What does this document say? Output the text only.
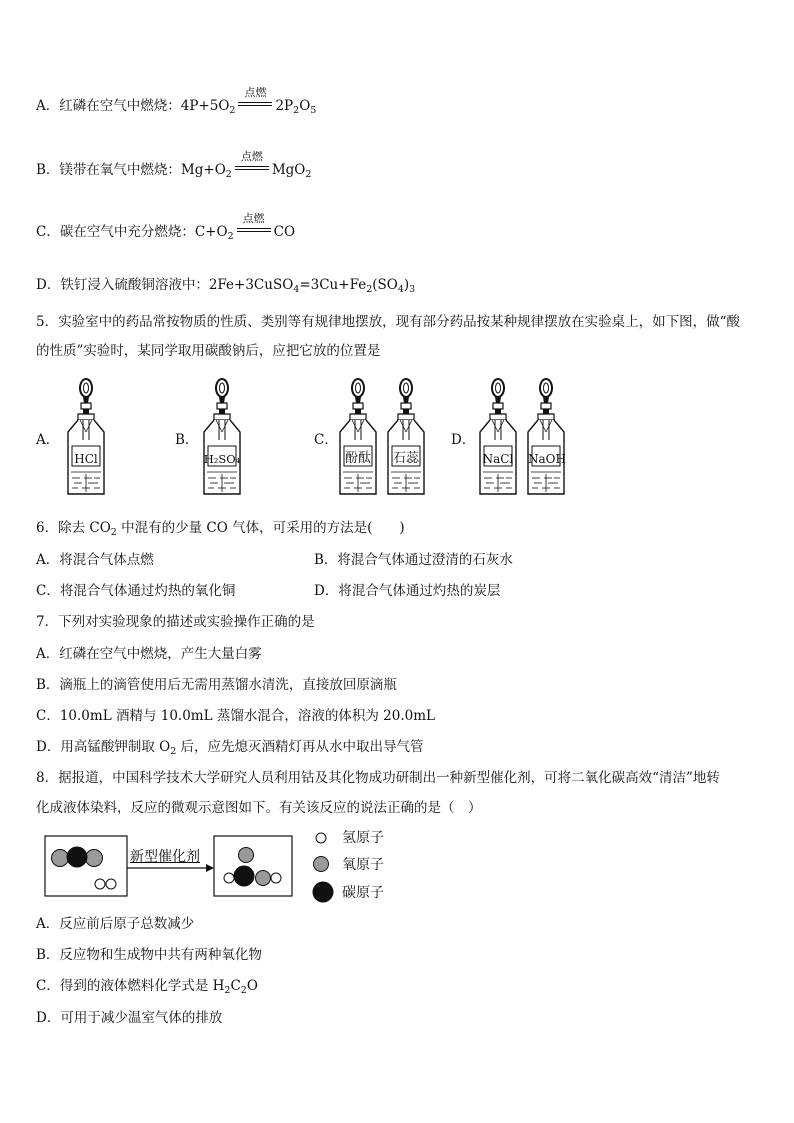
A．红磷在空气中燃烧：$4P+5O_2$
点燃
$2P_2O_5$
B．镁带在氧气中燃烧：$Mg+O_2$
点燃
MgO$_2$
C．碳在空气中充分燃烧：$C+O_2$
点燃
CO
D．铁钉浸入硫酸铜溶液中：$2Fe+3CuSO_4=3Cu+Fe_2(SO_4)_3$
5．实验室中的药品常按物质的性质、类别等有规律地摆放，现有部分药品按某种规律摆放在实验桌上，如下图，做“酸
的性质”实验时，某同学取用碳酸钠后，应把它放的位置是
A．	B．	C．	D．
HCl	H₂SO₄	酚酞	石蕊	NaCl NaOH
6．除去 $CO_2$ 中混有的少量 CO 气体，可采用的方法是(　　)
A．将混合气体点燃	B．将混合气体通过澄清的石灰水
C．将混合气体通过灼热的氧化铜	D．将混合气体通过灼热的炭层
7．下列对实验现象的描述或实验操作正确的是
A．红磷在空气中燃烧，产生大量白雾
B．滴瓶上的滴管使用后无需用蒸馏水清洗，直接放回原滴瓶
C．10.0mL 酒精与 10.0mL 蒸馏水混合，溶液的体积为 20.0mL
D．用高锰酸钾制取 $O_2$ 后，应先熄灭酒精灯再从水中取出导气管
8．据报道，中国科学技术大学研究人员利用钴及其化物成功研制出一种新型催化剂，可将二氧化碳高效“清洁”地转
化成液体染料，反应的微观示意图如下。有关该反应的说法正确的是（　）
新型催化剂
氢原子
氧原子
碳原子
A．反应前后原子总数减少
B．反应物和生成物中共有两种氧化物
C．得到的液体燃料化学式是 $H_2C_2O$
D．可用于减少温室气体的排放
